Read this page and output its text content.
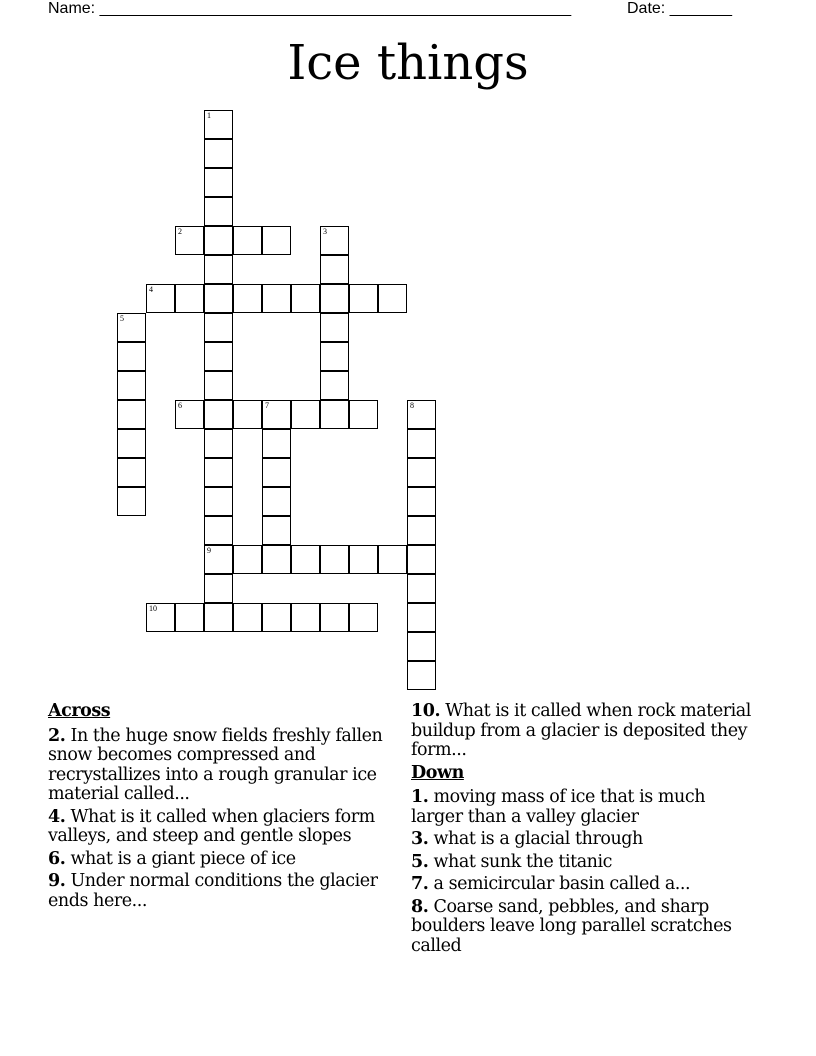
Name: _____________________________________________________	Date: _______
Ice things
1
9
2	3
4
5
6	7	8
10
Across
2. In the huge snow fields freshly fallen snow becomes compressed and recrystallizes into a rough granular ice material called...
4. What is it called when glaciers form valleys, and steep and gentle slopes
6. what is a giant piece of ice
9. Under normal conditions the glacier ends here...
10. What is it called when rock material buildup from a glacier is deposited they form...
Down
1. moving mass of ice that is much larger than a valley glacier
3. what is a glacial through
5. what sunk the titanic
7. a semicircular basin called a...
8. Coarse sand, pebbles, and sharp boulders leave long parallel scratches called
